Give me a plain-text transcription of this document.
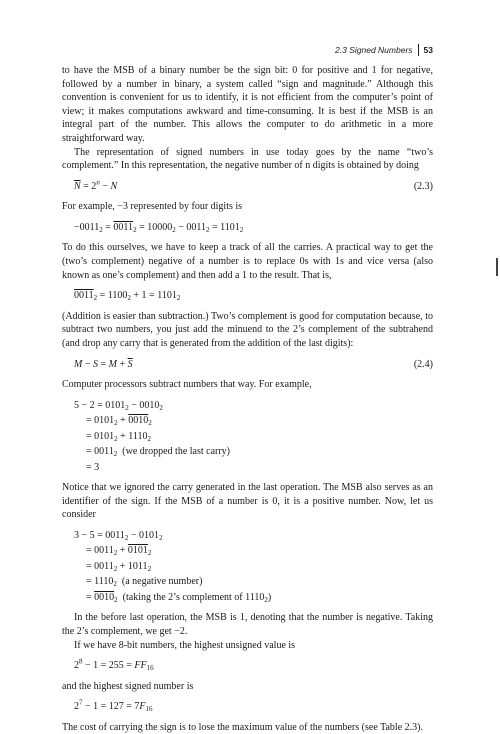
2.3 Signed Numbers	53

to have the MSB of a binary number be the sign bit: 0 for positive and 1 for negative, followed by a number in binary, a system called “sign and magnitude.” Although this convention is convenient for us to identify, it is not efficient from the computer’s point of view; it makes computations awkward and time-consuming. It is best if the MSB is an integral part of the number. This allows the computer to do arithmetic in a more straightforward way.

The representation of signed numbers in use today goes by the name “two’s complement.” In this representation, the negative number of n digits is obtained by doing

$\overline{N} = 2^n - N$	(2.3)

For example, −3 represented by four digits is

$-0011_2 = 0011_2 = 10000_2 - 0011_2 = 1101_2$

To do this ourselves, we have to keep a track of all the carries. A practical way to get the (two’s complement) negative of a number is to replace 0s with 1s and vice versa (also known as one’s complement) and then add a 1 to the result. That is,

$0011_2 = 1100_2 + 1 = 1101_2$

(Addition is easier than subtraction.) Two’s complement is good for computation because, to subtract two numbers, you just add the minuend to the 2’s complement of the subtrahend (and drop any carry that is generated from the addition of the last digits):

$M - S = M + \overline{S}$	(2.4)

Computer processors subtract numbers that way. For example,

$5 - 2 = 0101_2 - 0010_2$
= $0101_2 + 0010_2$
= $0101_2 + 1110_2$
= $0011_2$ (we dropped the last carry)
= 3

Notice that we ignored the carry generated in the last operation. The MSB also serves as an identifier of the sign. If the MSB of a number is 0, it is a positive number. Now, let us consider

$3 - 5 = 0011_2 - 0101_2$
= $0011_2 + 0101_2$
= $0011_2 + 1011_2$
= $1110_2$ (a negative number)
= $0010_2$ (taking the 2’s complement of $1110_2$)

In the before last operation, the MSB is 1, denoting that the number is negative. Taking the 2’s complement, we get −2.

If we have 8-bit numbers, the highest unsigned value is

$2^8 - 1 = 255 = FF_{16}$

and the highest signed number is

$2^7 - 1 = 127 = 7F_{16}$

The cost of carrying the sign is to lose the maximum value of the numbers (see Table 2.3).
